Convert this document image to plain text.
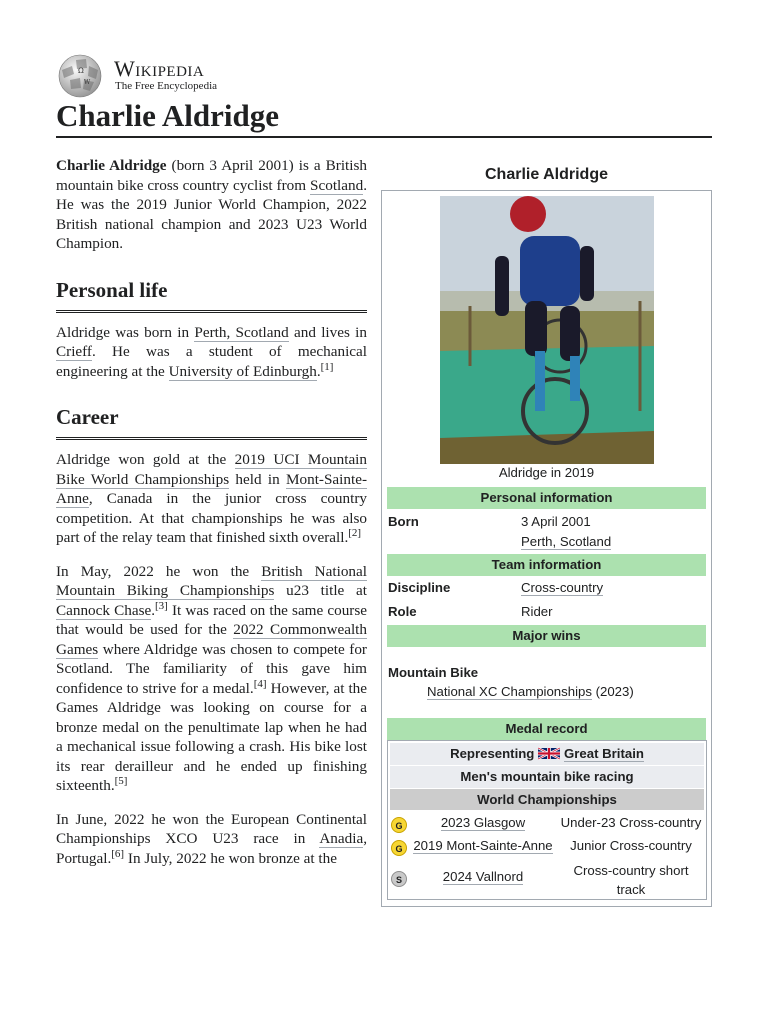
Ω
W
Wikipedia
The Free Encyclopedia
Charlie Aldridge

Charlie Aldridge (born 3 April 2001) is a British mountain bike cross country cyclist from Scotland. He was the 2019 Junior World Champion, 2022 British national champion and 2023 U23 World Champion.

Personal life

Aldridge was born in Perth, Scotland and lives in Crieff. He was a student of mechanical engineering at the University of Edinburgh.[1]

Career

Aldridge won gold at the 2019 UCI Mountain Bike World Championships held in Mont-Sainte-Anne, Canada in the junior cross country competition. At that championships he was also part of the relay team that finished sixth overall.[2]

In May, 2022 he won the British National Mountain Biking Championships u23 title at Cannock Chase.[3] It was raced on the same course that would be used for the 2022 Commonwealth Games where Aldridge was chosen to compete for Scotland. The familiarity of this gave him confidence to strive for a medal.[4] However, at the Games Aldridge was looking on course for a bronze medal on the penultimate lap when he had a mechanical issue following a crash. His bike lost its rear derailleur and he ended up finishing sixteenth.[5]

In June, 2022 he won the European Continental Championships XCO U23 race in Anadia, Portugal.[6] In July, 2022 he won bronze at the

Charlie Aldridge
Aldridge in 2019
Personal information
Born	3 April 2001
Perth, Scotland
Team information
Discipline	Cross-country
Role	Rider
Major wins
Mountain Bike
National XC Championships (2023)
Medal record
Representing Great Britain
Men's mountain bike racing
World Championships
G	2023 Glasgow	Under-23 Cross-country
G 2019 Mont-Sainte-Anne	Junior Cross-country
S	2024 Vallnord	Cross-country short track
